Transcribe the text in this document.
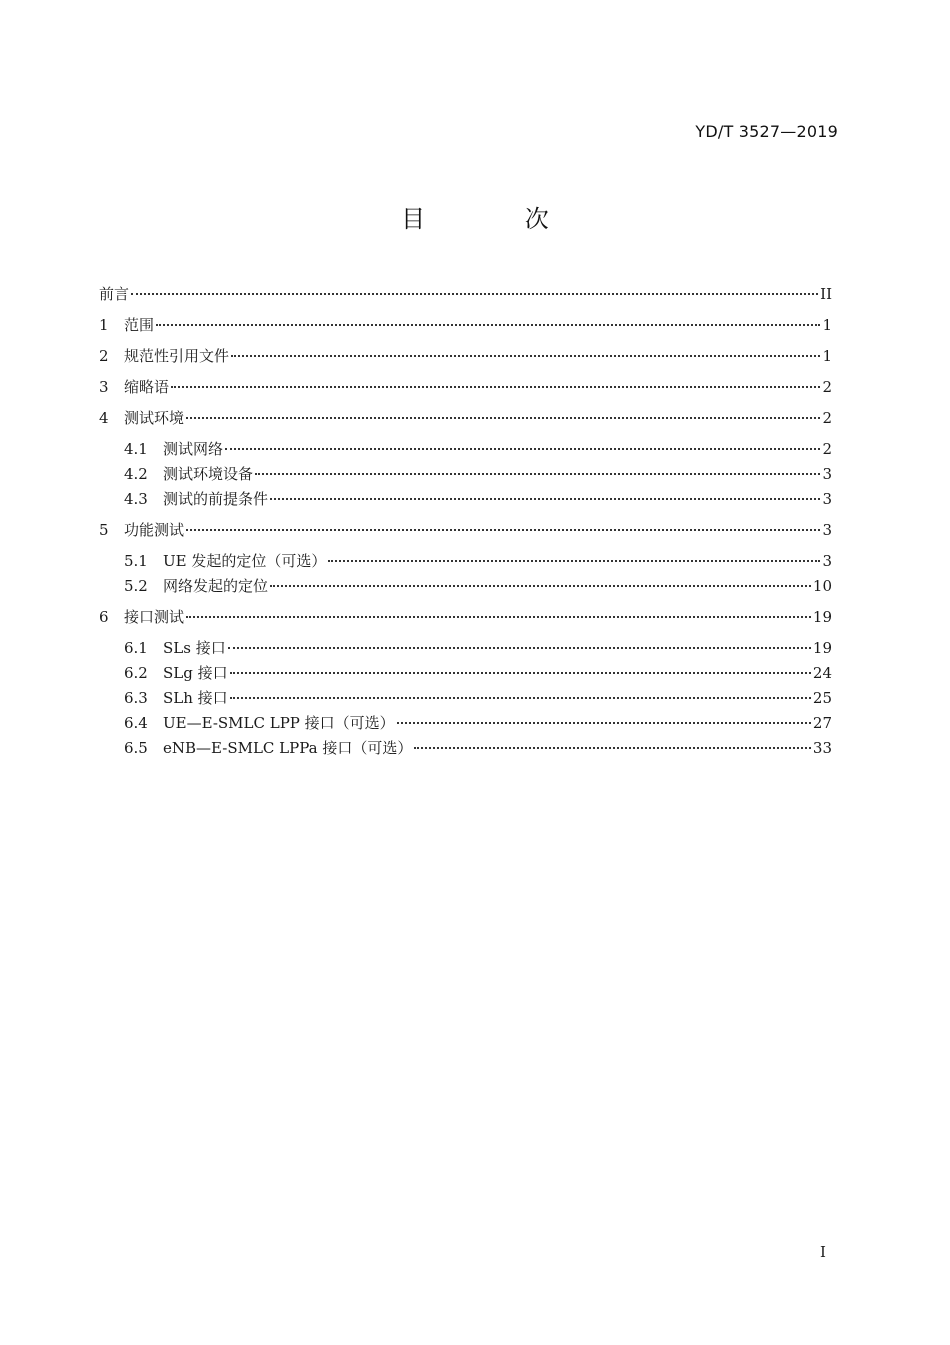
YD/T 3527—2019
目 次
前言	II
1	范围	1
2	规范性引用文件	1
3	缩略语	2
4	测试环境	2
4.1	测试网络	2
4.2	测试环境设备	3
4.3	测试的前提条件	3
5	功能测试	3
5.1	UE 发起的定位（可选）	3
5.2	网络发起的定位	10
6	接口测试	19
6.1	SLs 接口	19
6.2	SLg 接口	24
6.3	SLh 接口	25
6.4	UE—E-SMLC LPP 接口（可选）	27
6.5	eNB—E-SMLC LPPa 接口（可选）	33
I
